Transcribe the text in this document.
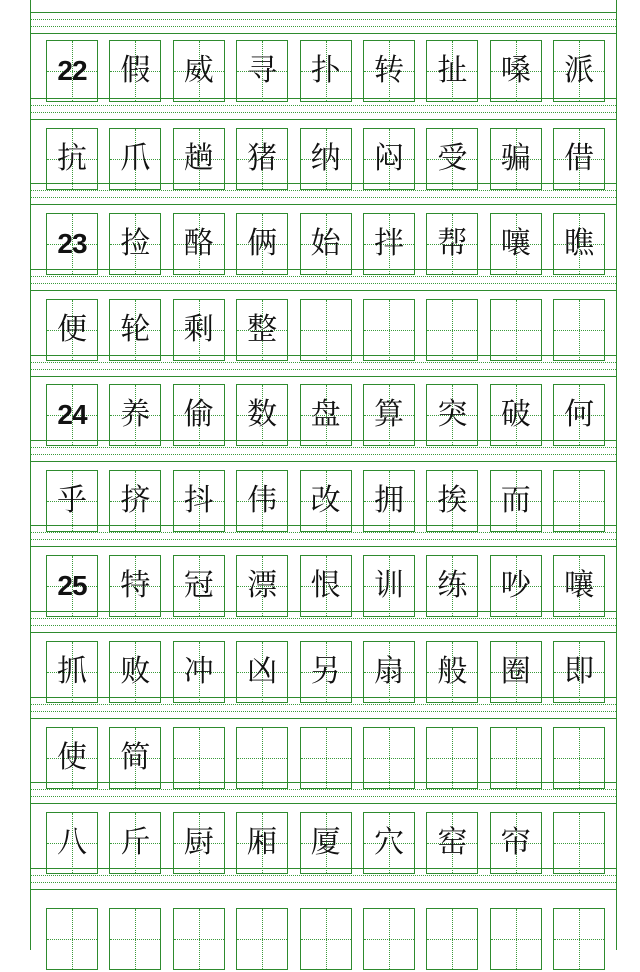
22 假 威 寻 扑 转 扯 嗓 派
抗 爪 趟 猪 纳 闷 受 骗 借
23 捡 酪 俩 始 拌 帮 嚷 瞧
便 轮 剩 整
24 养 偷 数 盘 算 突 破 何
乎 挤 抖 伟 改 拥 挨 而
25 特 冠 漂 恨 训 练 吵 嚷
抓 败 冲 凶 另 扇 般 圈 即
使 简
八 斤 厨 厢 厦 穴 窑 帘
